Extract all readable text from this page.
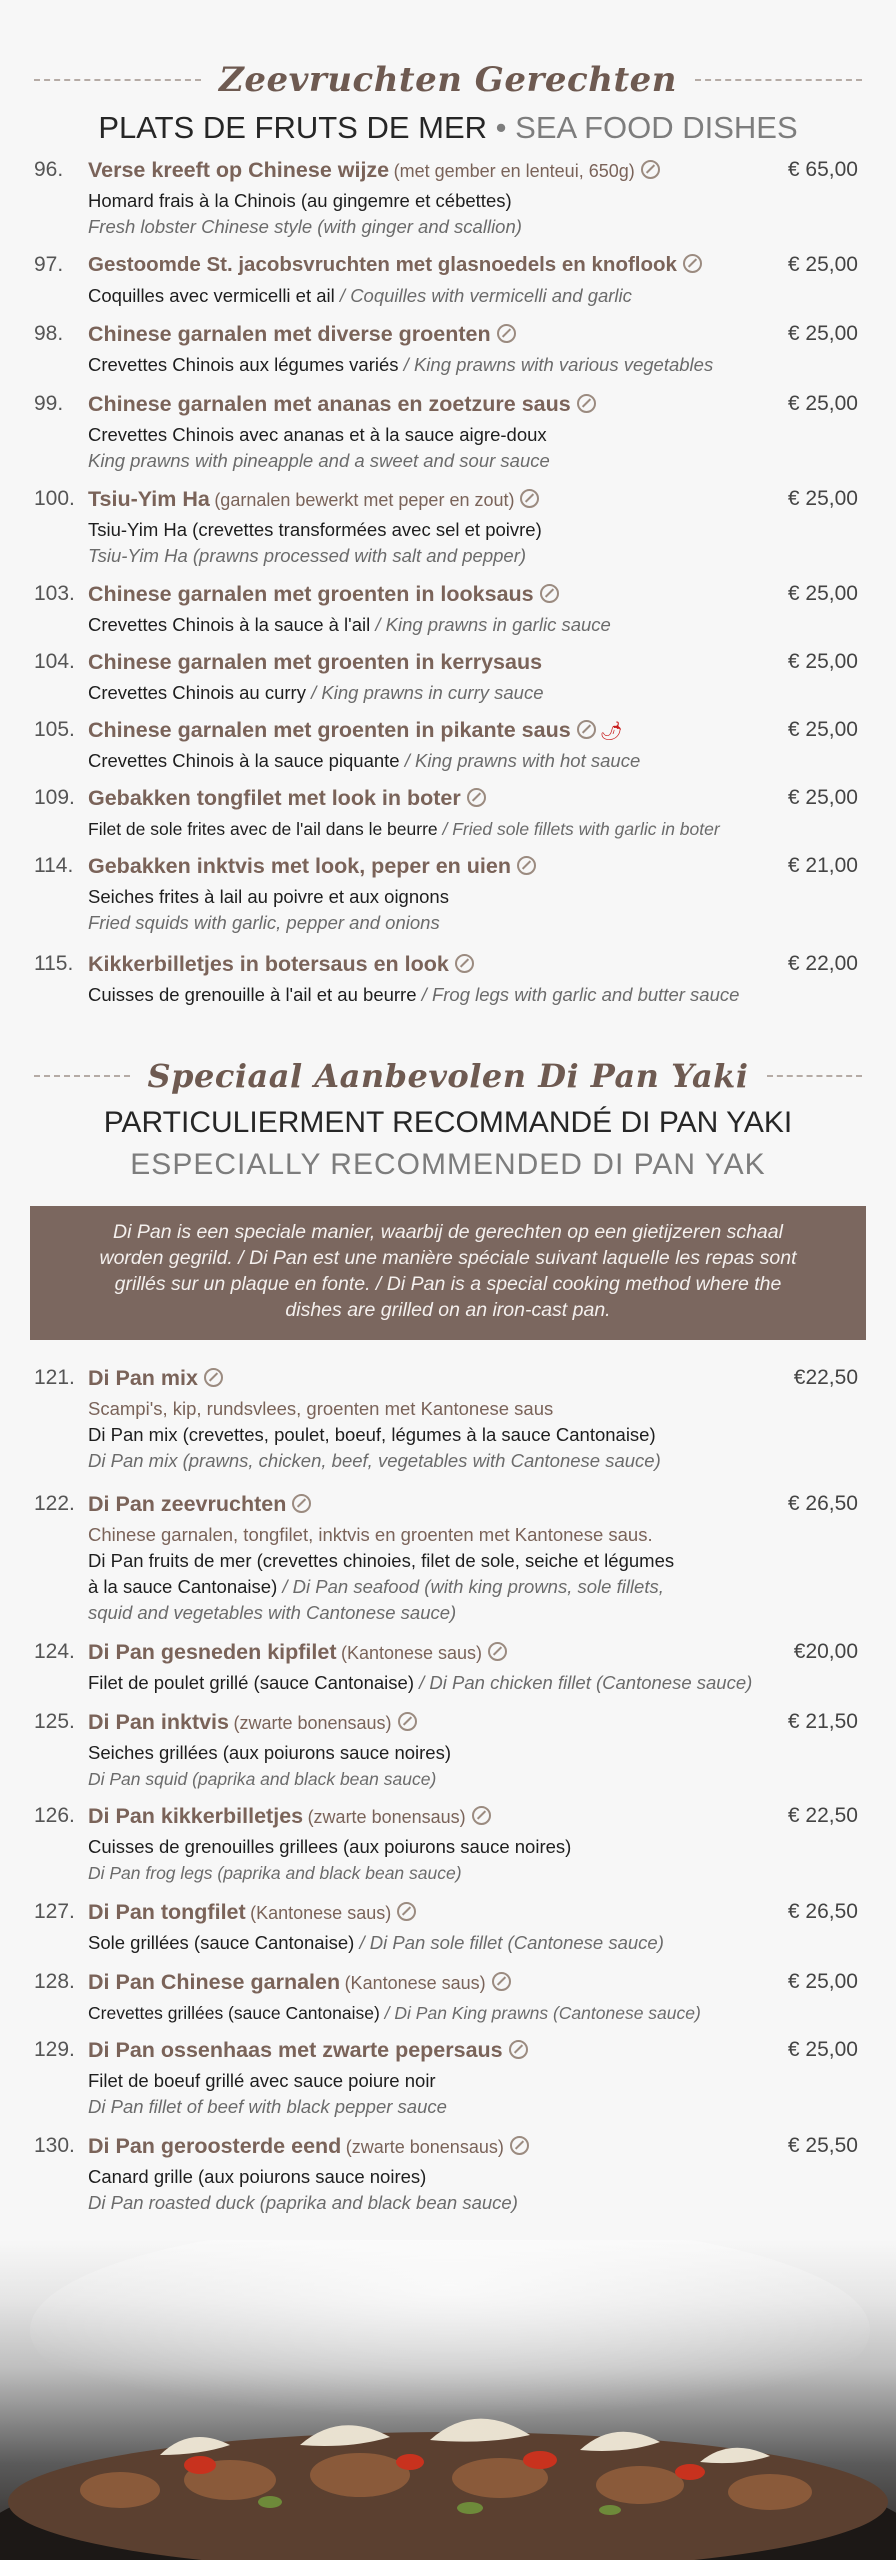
Zeevruchten Gerechten
PLATS DE FRUTS DE MER • SEA FOOD DISHES
96.	Verse kreeft op Chinese wijze (met gember en lenteui, 650g)	€ 65,00
Homard frais à la Chinois (au gingemre et cébettes)
Fresh lobster Chinese style (with ginger and scallion)
97.	Gestoomde St. jacobsvruchten met glasnoedels en knoflook	€ 25,00
Coquilles avec vermicelli et ail / Coquilles with vermicelli and garlic
98.	Chinese garnalen met diverse groenten	€ 25,00
Crevettes Chinois aux légumes variés / King prawns with various vegetables
99.	Chinese garnalen met ananas en zoetzure saus	€ 25,00
Crevettes Chinois avec ananas et à la sauce aigre-doux
King prawns with pineapple and a sweet and sour sauce
100. Tsiu-Yim Ha (garnalen bewerkt met peper en zout)	€ 25,00
Tsiu-Yim Ha (crevettes transformées avec sel et poivre)
Tsiu-Yim Ha (prawns processed with salt and pepper)
103. Chinese garnalen met groenten in looksaus	€ 25,00
Crevettes Chinois à la sauce à l'ail / King prawns in garlic sauce
104. Chinese garnalen met groenten in kerrysaus	€ 25,00
Crevettes Chinois au curry / King prawns in curry sauce
105. Chinese garnalen met groenten in pikante saus 🌶	€ 25,00
Crevettes Chinois à la sauce piquante / King prawns with hot sauce
109. Gebakken tongfilet met look in boter	€ 25,00
Filet de sole frites avec de l'ail dans le beurre / Fried sole fillets with garlic in boter
114. Gebakken inktvis met look, peper en uien	€ 21,00
Seiches frites à lail au poivre et aux oignons
Fried squids with garlic, pepper and onions
115. Kikkerbilletjes in botersaus en look	€ 22,00
Cuisses de grenouille à l'ail et au beurre / Frog legs with garlic and butter sauce
Speciaal Aanbevolen Di Pan Yaki
PARTICULIERMENT RECOMMANDÉ DI PAN YAKI
ESPECIALLY RECOMMENDED DI PAN YAK
Di Pan is een speciale manier, waarbij de gerechten op een gietijzeren schaal
worden gegrild. / Di Pan est une manière spéciale suivant laquelle les repas sont
grillés sur un plaque en fonte. / Di Pan is a special cooking method where the
dishes are grilled on an iron-cast pan.
121. Di Pan mix	€22,50
Scampi's, kip, rundsvlees, groenten met Kantonese saus
Di Pan mix (crevettes, poulet, boeuf, légumes à la sauce Cantonaise)
Di Pan mix (prawns, chicken, beef, vegetables with Cantonese sauce)
122. Di Pan zeevruchten	€ 26,50
Chinese garnalen, tongfilet, inktvis en groenten met Kantonese saus.
Di Pan fruits de mer (crevettes chinoies, filet de sole, seiche et légumes
à la sauce Cantonaise) / Di Pan seafood (with king prowns, sole fillets,
squid and vegetables with Cantonese sauce)
124. Di Pan gesneden kipfilet (Kantonese saus)	€20,00
Filet de poulet grillé (sauce Cantonaise) / Di Pan chicken fillet (Cantonese sauce)
125. Di Pan inktvis (zwarte bonensaus)	€ 21,50
Seiches grillées (aux poiurons sauce noires)
Di Pan squid (paprika and black bean sauce)
126. Di Pan kikkerbilletjes (zwarte bonensaus)	€ 22,50
Cuisses de grenouilles grillees (aux poiurons sauce noires)
Di Pan frog legs (paprika and black bean sauce)
127. Di Pan tongfilet (Kantonese saus)	€ 26,50
Sole grillées (sauce Cantonaise) / Di Pan sole fillet (Cantonese sauce)
128. Di Pan Chinese garnalen (Kantonese saus)	€ 25,00
Crevettes grillées (sauce Cantonaise) / Di Pan King prawns (Cantonese sauce)
129. Di Pan ossenhaas met zwarte pepersaus	€ 25,00
Filet de boeuf grillé avec sauce poiure noir
Di Pan fillet of beef with black pepper sauce
130. Di Pan geroosterde eend (zwarte bonensaus)	€ 25,50
Canard grille (aux poiurons sauce noires)
Di Pan roasted duck (paprika and black bean sauce)
